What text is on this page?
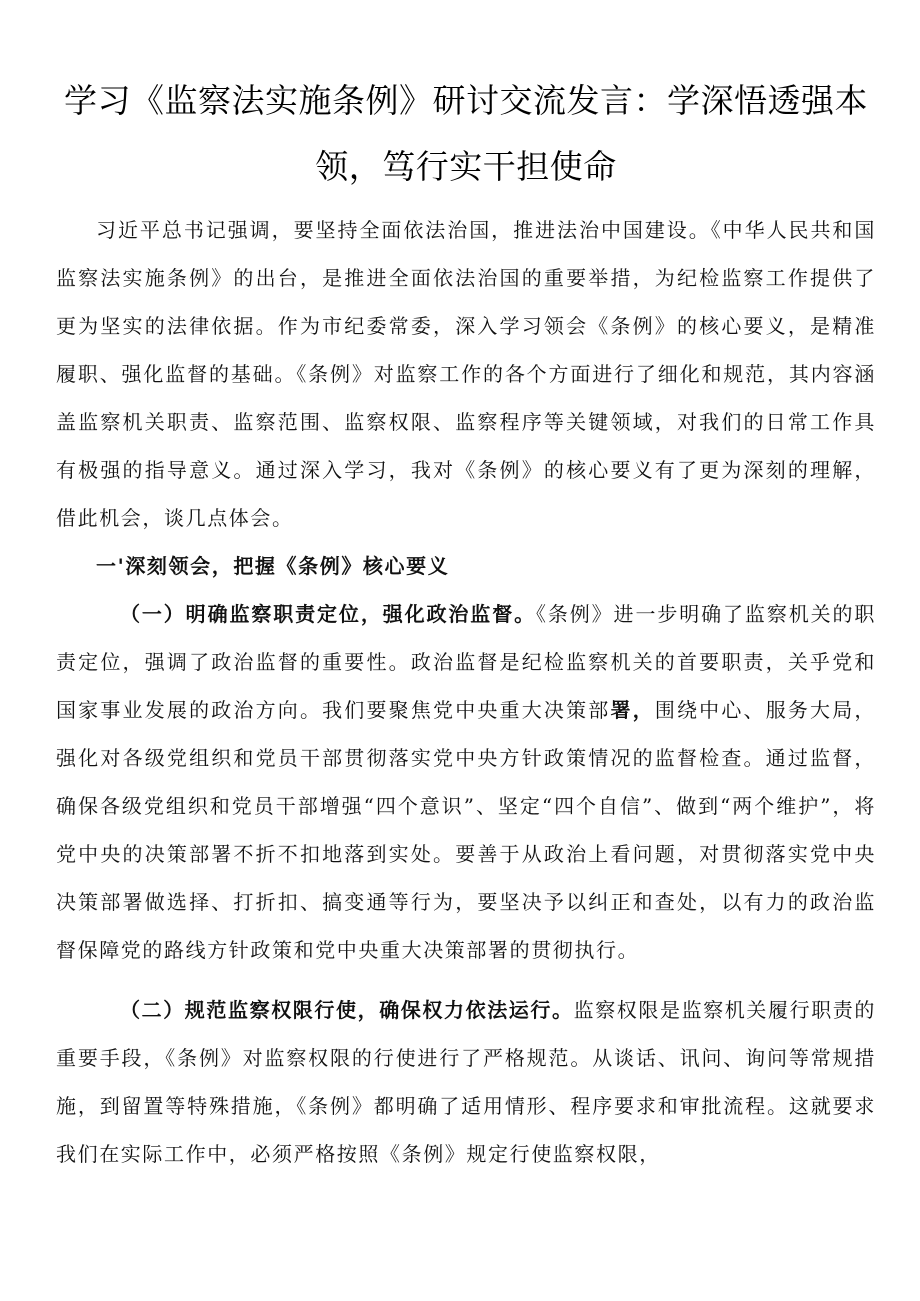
学习《监察法实施条例》研讨交流发言：学深悟透强本
领，笃行实干担使命

习近平总书记强调，要坚持全面依法治国，推进法治中国建设。《中华人民共和国监察法实施条例》的出台，是推进全面依法治国的重要举措，为纪检监察工作提供了更为坚实的法律依据。作为市纪委常委，深入学习领会《条例》的核心要义，是精准履职、强化监督的基础。《条例》对监察工作的各个方面进行了细化和规范，其内容涵盖监察机关职责、监察范围、监察权限、监察程序等关键领域，对我们的日常工作具有极强的指导意义。通过深入学习，我对《条例》的核心要义有了更为深刻的理解，借此机会，谈几点体会。

一'深刻领会，把握《条例》核心要义

（一）明确监察职责定位，强化政治监督。《条例》进一步明确了监察机关的职责定位，强调了政治监督的重要性。政治监督是纪检监察机关的首要职责，关乎党和国家事业发展的政治方向。我们要聚焦党中央重大决策部署，围绕中心、服务大局，强化对各级党组织和党员干部贯彻落实党中央方针政策情况的监督检查。通过监督，确保各级党组织和党员干部增强“四个意识”、坚定“四个自信”、做到“两个维护”，将党中央的决策部署不折不扣地落到实处。要善于从政治上看问题，对贯彻落实党中央决策部署做选择、打折扣、搞变通等行为，要坚决予以纠正和查处，以有力的政治监督保障党的路线方针政策和党中央重大决策部署的贯彻执行。

（二）规范监察权限行使，确保权力依法运行。监察权限是监察机关履行职责的重要手段，《条例》对监察权限的行使进行了严格规范。从谈话、讯问、询问等常规措施，到留置等特殊措施，《条例》都明确了适用情形、程序要求和审批流程。这就要求我们在实际工作中，必须严格按照《条例》规定行使监察权限，
